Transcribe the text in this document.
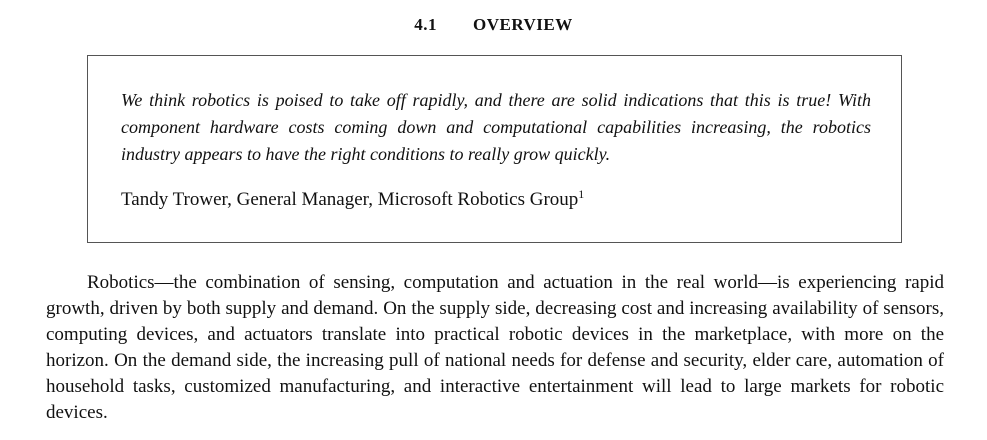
4.1 OVERVIEW
We think robotics is poised to take off rapidly, and there are solid indications that this is true! With component hardware costs coming down and computational capabilities increasing, the robotics industry appears to have the right conditions to really grow quickly.
Tandy Trower, General Manager, Microsoft Robotics Group$^1$

Robotics—the combination of sensing, computation and actuation in the real world—is experiencing rapid growth, driven by both supply and demand. On the supply side, decreasing cost and increasing availability of sensors, computing devices, and actuators translate into practical robotic devices in the marketplace, with more on the horizon. On the demand side, the increasing pull of national needs for defense and security, elder care, automation of household tasks, customized manufacturing, and interactive entertainment will lead to large markets for robotic devices.
